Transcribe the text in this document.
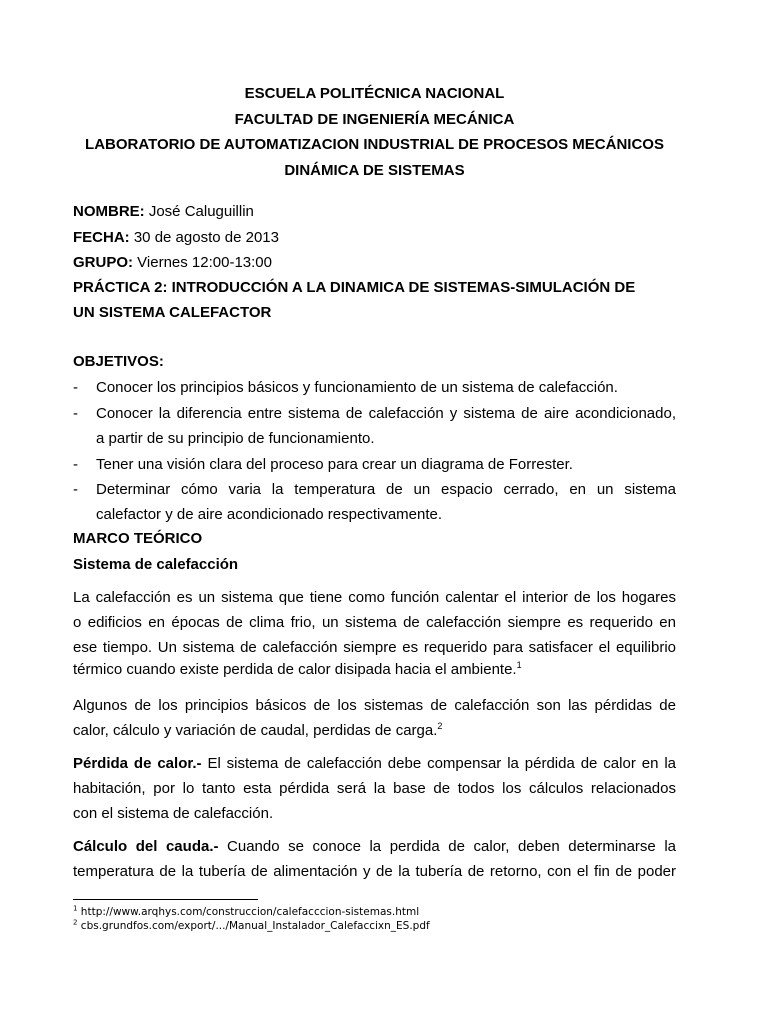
ESCUELA POLITÉCNICA NACIONAL
FACULTAD DE INGENIERÍA MECÁNICA
LABORATORIO DE AUTOMATIZACION INDUSTRIAL DE PROCESOS MECÁNICOS
DINÁMICA DE SISTEMAS
NOMBRE: José Caluguillin
FECHA: 30 de agosto de 2013
GRUPO: Viernes 12:00-13:00
PRÁCTICA 2: INTRODUCCIÓN A LA DINAMICA DE SISTEMAS-SIMULACIÓN DE
UN SISTEMA CALEFACTOR
OBJETIVOS:
- Conocer los principios básicos y funcionamiento de un sistema de calefacción.
- Conocer la diferencia entre sistema de calefacción y sistema de aire acondicionado,
a partir de su principio de funcionamiento.
- Tener una visión clara del proceso para crear un diagrama de Forrester.
- Determinar cómo varia la temperatura de un espacio cerrado, en un sistema
calefactor y de aire acondicionado respectivamente.
MARCO TEÓRICO
Sistema de calefacción
La calefacción es un sistema que tiene como función calentar el interior de los hogares
o edificios en épocas de clima frio, un sistema de calefacción siempre es requerido en
ese tiempo. Un sistema de calefacción siempre es requerido para satisfacer el equilibrio
térmico cuando existe perdida de calor disipada hacia el ambiente.$^1$
Algunos de los principios básicos de los sistemas de calefacción son las pérdidas de
calor, cálculo y variación de caudal, perdidas de carga.$^2$
Pérdida de calor.- El sistema de calefacción debe compensar la pérdida de calor en la
habitación, por lo tanto esta pérdida será la base de todos los cálculos relacionados
con el sistema de calefacción.
Cálculo del cauda.- Cuando se conoce la perdida de calor, deben determinarse la
temperatura de la tubería de alimentación y de la tubería de retorno, con el fin de poder
$^1$ http://www.arqhys.com/construccion/calefacccion-sistemas.html
$^2$ cbs.grundfos.com/export/.../Manual_Instalador_Calefaccixn_ES.pdf
